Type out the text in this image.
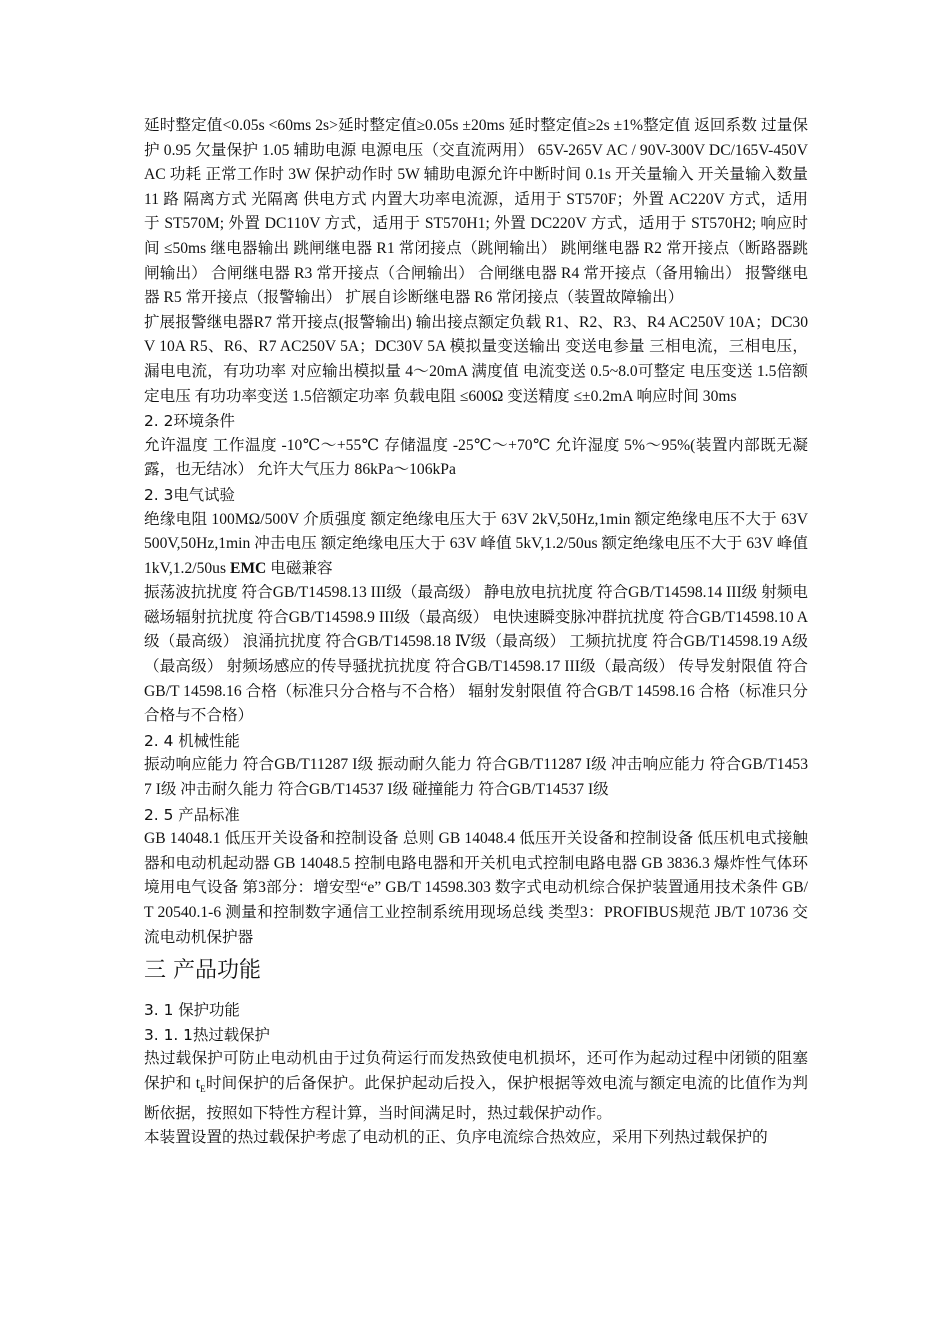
延时整定值<0.05s <60ms 2s>延时整定值≥0.05s ±20ms 延时整定值≥2s ±1%整定值 返回系数 过量保护 0.95 欠量保护 1.05 辅助电源 电源电压（交直流两用） 65V-265V AC / 90V-300V DC/165V-450V AC 功耗 正常工作时 3W 保护动作时 5W 辅助电源允许中断时间 0.1s 开关量输入 开关量输入数量 11 路 隔离方式 光隔离 供电方式 内置大功率电流源，适用于 ST570F；外置 AC220V 方式，适用于 ST570M; 外置 DC110V 方式，适用于 ST570H1; 外置 DC220V 方式，适用于 ST570H2; 响应时间 ≤50ms 继电器输出 跳闸继电器 R1 常闭接点（跳闸输出） 跳闸继电器 R2 常开接点（断路器跳闸输出） 合闸继电器 R3 常开接点（合闸输出） 合闸继电器 R4 常开接点（备用输出） 报警继电器 R5 常开接点（报警输出） 扩展自诊断继电器 R6 常闭接点（装置故障输出）

扩展报警继电器R7 常开接点(报警输出) 输出接点额定负载 R1、R2、R3、R4 AC250V 10A；DC30V 10A R5、R6、R7 AC250V 5A；DC30V 5A 模拟量变送输出 变送电参量 三相电流，三相电压，漏电电流，有功功率 对应输出模拟量 4～20mA 满度值 电流变送 0.5~8.0可整定 电压变送 1.5倍额定电压 有功功率变送 1.5倍额定功率 负载电阻 ≤600Ω 变送精度 ≤±0.2mA 响应时间 30ms

2. 2环境条件

允许温度 工作温度 -10℃～+55℃ 存储温度 -25℃～+70℃ 允许湿度 5%～95%(装置内部既无凝露，也无结冰） 允许大气压力 86kPa～106kPa

2. 3电气试验

绝缘电阻 100MΩ/500V 介质强度 额定绝缘电压大于 63V 2kV,50Hz,1min 额定绝缘电压不大于 63V 500V,50Hz,1min 冲击电压 额定绝缘电压大于 63V 峰值 5kV,1.2/50us 额定绝缘电压不大于 63V 峰值 1kV,1.2/50us EMC 电磁兼容

振荡波抗扰度 符合GB/T14598.13 III级（最高级） 静电放电抗扰度 符合GB/T14598.14 III级 射频电磁场辐射抗扰度 符合GB/T14598.9 III级（最高级） 电快速瞬变脉冲群抗扰度 符合GB/T14598.10 A级（最高级） 浪涌抗扰度 符合GB/T14598.18 Ⅳ级（最高级） 工频抗扰度 符合GB/T14598.19 A级（最高级） 射频场感应的传导骚扰抗扰度 符合GB/T14598.17 III级（最高级） 传导发射限值 符合GB/T 14598.16 合格（标准只分合格与不合格） 辐射发射限值 符合GB/T 14598.16 合格（标准只分合格与不合格）

2. 4 机械性能

振动响应能力 符合GB/T11287 I级 振动耐久能力 符合GB/T11287 I级 冲击响应能力 符合GB/T14537 I级 冲击耐久能力 符合GB/T14537 I级 碰撞能力 符合GB/T14537 I级

2. 5 产品标准

GB 14048.1 低压开关设备和控制设备 总则 GB 14048.4 低压开关设备和控制设备 低压机电式接触器和电动机起动器 GB 14048.5 控制电路电器和开关机电式控制电路电器 GB 3836.3 爆炸性气体环境用电气设备 第3部分：增安型“e” GB/T 14598.303 数字式电动机综合保护装置通用技术条件 GB/T 20540.1-6 测量和控制数字通信工业控制系统用现场总线 类型3：PROFIBUS规范 JB/T 10736 交流电动机保护器

三 产品功能
3. 1 保护功能
3. 1. 1热过载保护

热过载保护可防止电动机由于过负荷运行而发热致使电机损坏，还可作为起动过程中闭锁的阻塞保护和 $t_E$时间保护的后备保护。此保护起动后投入，保护根据等效电流与额定电流的比值作为判断依据，按照如下特性方程计算，当时间满足时，热过载保护动作。

本装置设置的热过载保护考虑了电动机的正、负序电流综合热效应，采用下列热过载保护的
